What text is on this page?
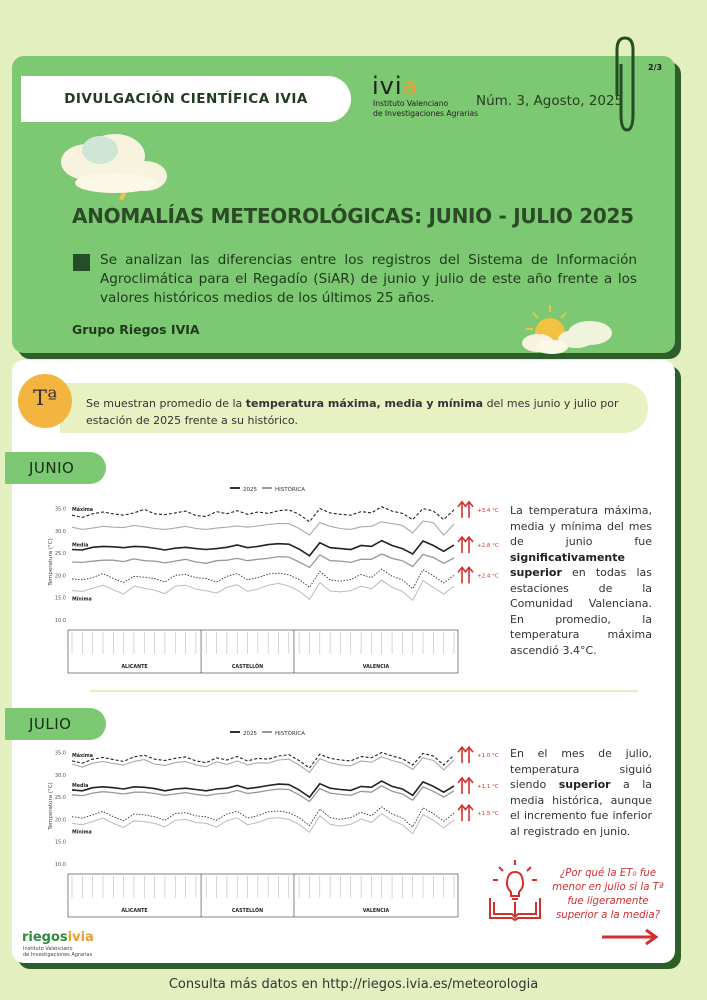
DIVULGACIÓN CIENTÍFICA IVIA	ivia
Instituto Valenciano
de Investigaciones Agrarias
Núm. 3, Agosto, 2025
2/3
ANOMALÍAS METEOROLÓGICAS: JUNIO - JULIO 2025
Se analizan las diferencias entre los registros del Sistema de Información Agroclimática para el Regadío (SiAR) de junio y julio de este año frente a los valores históricos medios de los últimos 25 años.
Grupo Riegos IVIA
Tª	Se muestran promedio de la temperatura máxima, media y mínima del mes junio y julio por estación de 2025 frente a su histórico.
JUNIO
2025	HISTÓRICA
10.0
15.0
20.0
25.0
30.0
35.0
Temperatura (°C)
Máxima
Media
Mínima
+3.4 °C
+2.8 °C
+2.4 °C
ALICANTE	CASTELLÓN	VALENCIA
La temperatura máxima, media y mínima del mes de junio fue significativamente superior en todas las estaciones de la Comunidad Valenciana. En promedio, la temperatura máxima ascendió 3.4°C.
JULIO
2025	HISTÓRICA
10.0
15.0
20.0
25.0
30.0
35.0
Temperatura (°C)
Máxima
Media
Mínima
+1.0 °C
+1.1 °C
+1.5 °C
ALICANTE	CASTELLÓN	VALENCIA
En el mes de julio, temperatura siguió siendo superior a la media histórica, aunque el incremento fue inferior al registrado en junio.
¿Por qué la ET₀ fue menor en julio si la Tª fue ligeramente superior a la media?
riegosivia
Instituto Valenciano
de Investigaciones Agrarias
Consulta más datos en http://riegos.ivia.es/meteorologia
